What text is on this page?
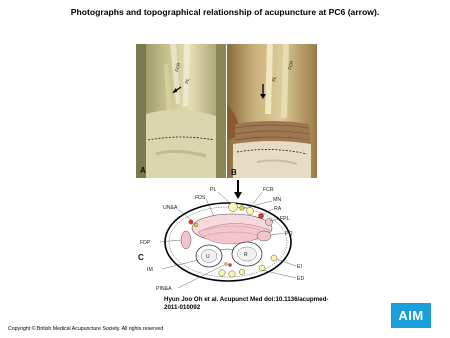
Photographs and topographical relationship of acupuncture at PC6 (arrow).
FCR
PL
A
FCR
PL
B
U	R
PL	FCR
FDS	MN
UN&A	RA
FPL
FDP
PQ
IM	EI
ED
PIN&A
C
Hyun Joo Oh et al. Acupunct Med doi:10.1136/acupmed-2011-010092
Copyright © British Medical Acupuncture Society. All rights reserved
AIM
